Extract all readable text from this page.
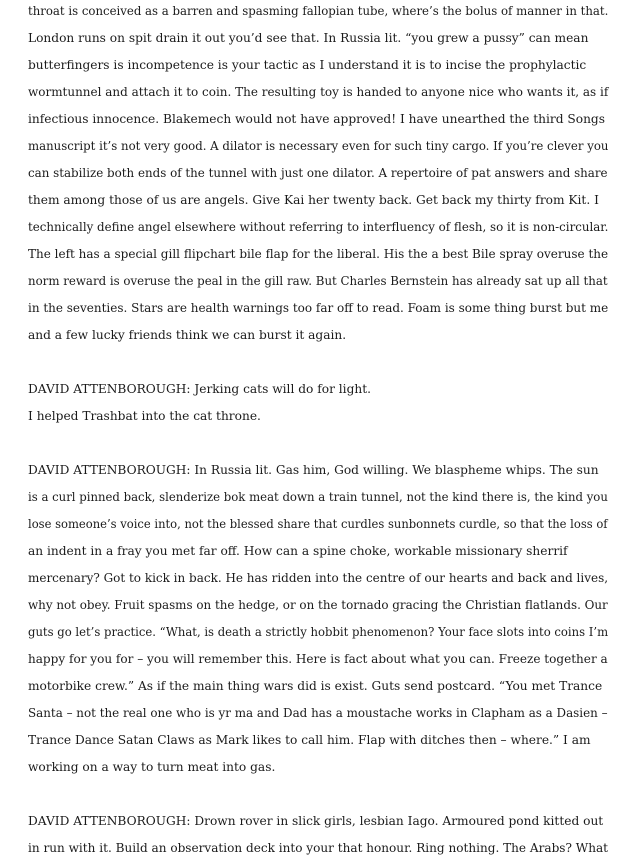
throat is conceived as a barren and spasming fallopian tube, where’s the bolus of manner in that.
London runs on spit drain it out you’d see that. In Russia lit. “you grew a pussy” can mean
butterfingers is incompetence is your tactic as I understand it is to incise the prophylactic
wormtunnel and attach it to coin. The resulting toy is handed to anyone nice who wants it, as if
infectious innocence. Blakemech would not have approved! I have unearthed the third Songs
manuscript it’s not very good. A dilator is necessary even for such tiny cargo. If you’re clever you
can stabilize both ends of the tunnel with just one dilator. A repertoire of pat answers and share
them among those of us are angels. Give Kai her twenty back. Get back my thirty from Kit. I
technically define angel elsewhere without referring to interfluency of flesh, so it is non-circular.
The left has a special gill flipchart bile flap for the liberal. His the a best Bile spray overuse the
norm reward is overuse the peal in the gill raw. But Charles Bernstein has already sat up all that
in the seventies. Stars are health warnings too far off to read. Foam is some thing burst but me
and a few lucky friends think we can burst it again.
DAVID ATTENBOROUGH: Jerking cats will do for light.
I helped Trashbat into the cat throne.
DAVID ATTENBOROUGH: In Russia lit. Gas him, God willing. We blaspheme whips. The sun
is a curl pinned back, slenderize bok meat down a train tunnel, not the kind there is, the kind you
lose someone’s voice into, not the blessed share that curdles sunbonnets curdle, so that the loss of
an indent in a fray you met far off. How can a spine choke, workable missionary sherrif
mercenary? Got to kick in back. He has ridden into the centre of our hearts and back and lives,
why not obey. Fruit spasms on the hedge, or on the tornado gracing the Christian flatlands. Our
guts go let’s practice. “What, is death a strictly hobbit phenomenon? Your face slots into coins I’m
happy for you for – you will remember this. Here is fact about what you can. Freeze together a
motorbike crew.” As if the main thing wars did is exist. Guts send postcard. “You met Trance
Santa – not the real one who is yr ma and Dad has a moustache works in Clapham as a Dasien –
Trance Dance Satan Claws as Mark likes to call him. Flap with ditches then – where.” I am
working on a way to turn meat into gas.
DAVID ATTENBOROUGH: Drown rover in slick girls, lesbian Iago. Armoured pond kitted out
in run with it. Build an observation deck into your that honour. Ring nothing. The Arabs? What
